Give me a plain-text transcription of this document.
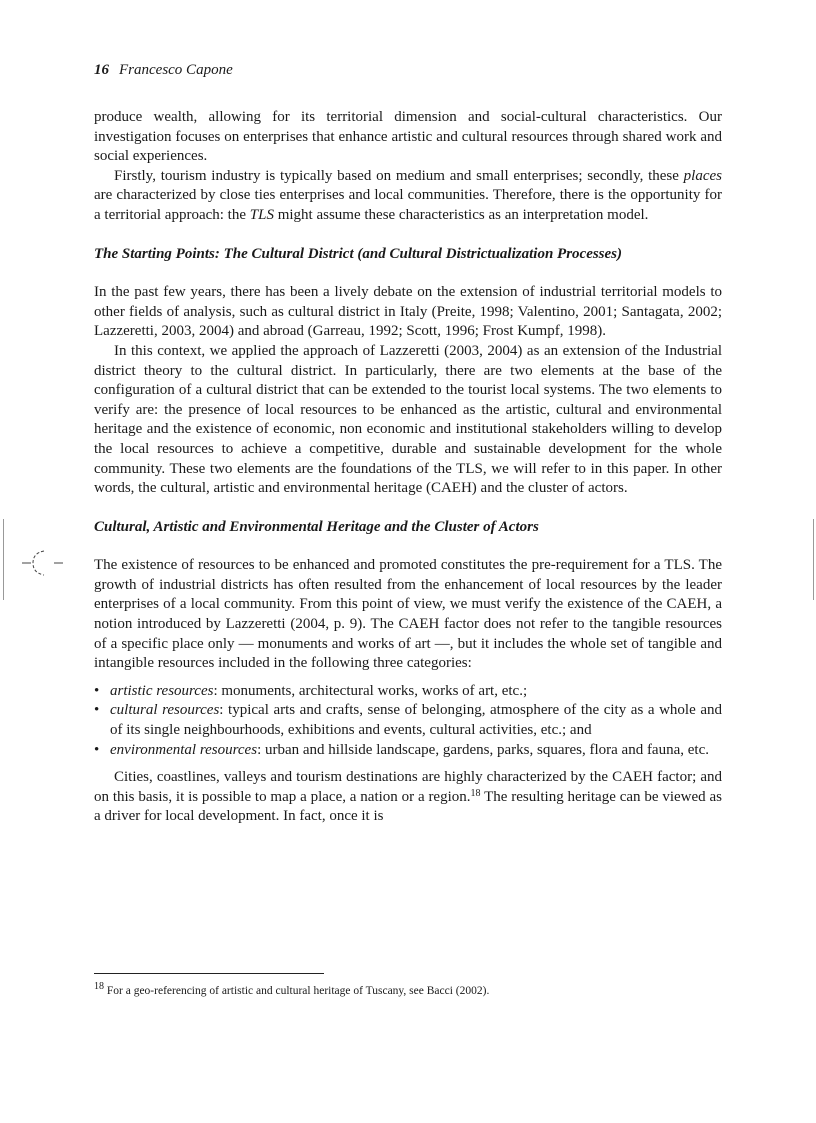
16 Francesco Capone

produce wealth, allowing for its territorial dimension and social-cultural characteristics. Our investigation focuses on enterprises that enhance artistic and cultural resources through shared work and social experiences.

Firstly, tourism industry is typically based on medium and small enterprises; secondly, these places are characterized by close ties enterprises and local communities. Therefore, there is the opportunity for a territorial approach: the TLS might assume these characteristics as an interpretation model.

The Starting Points: The Cultural District (and Cultural Districtualization Processes)

In the past few years, there has been a lively debate on the extension of industrial territorial models to other fields of analysis, such as cultural district in Italy (Preite, 1998; Valentino, 2001; Santagata, 2002; Lazzeretti, 2003, 2004) and abroad (Garreau, 1992; Scott, 1996; Frost Kumpf, 1998).

In this context, we applied the approach of Lazzeretti (2003, 2004) as an extension of the Industrial district theory to the cultural district. In particularly, there are two elements at the base of the configuration of a cultural district that can be extended to the tourist local systems. The two elements to verify are: the presence of local resources to be enhanced as the artistic, cultural and environmental heritage and the existence of economic, non economic and institutional stakeholders willing to develop the local resources to achieve a competitive, durable and sustainable development for the whole community. These two elements are the foundations of the TLS, we will refer to in this paper. In other words, the cultural, artistic and environmental heritage (CAEH) and the cluster of actors.

Cultural, Artistic and Environmental Heritage and the Cluster of Actors

The existence of resources to be enhanced and promoted constitutes the pre-requirement for a TLS. The growth of industrial districts has often resulted from the enhancement of local resources by the leader enterprises of a local community. From this point of view, we must verify the existence of the CAEH, a notion introduced by Lazzeretti (2004, p. 9). The CAEH factor does not refer to the tangible resources of a specific place only — monuments and works of art —, but it includes the whole set of tangible and intangible resources included in the following three categories:

• artistic resources: monuments, architectural works, works of art, etc.;
• cultural resources: typical arts and crafts, sense of belonging, atmosphere of the city as a whole and of its single neighbourhoods, exhibitions and events, cultural activities, etc.; and
• environmental resources: urban and hillside landscape, gardens, parks, squares, flora and fauna, etc.

Cities, coastlines, valleys and tourism destinations are highly characterized by the CAEH factor; and on this basis, it is possible to map a place, a nation or a region.$^{18}$ The resulting heritage can be viewed as a driver for local development. In fact, once it is

$^{18}$ For a geo-referencing of artistic and cultural heritage of Tuscany, see Bacci (2002).
